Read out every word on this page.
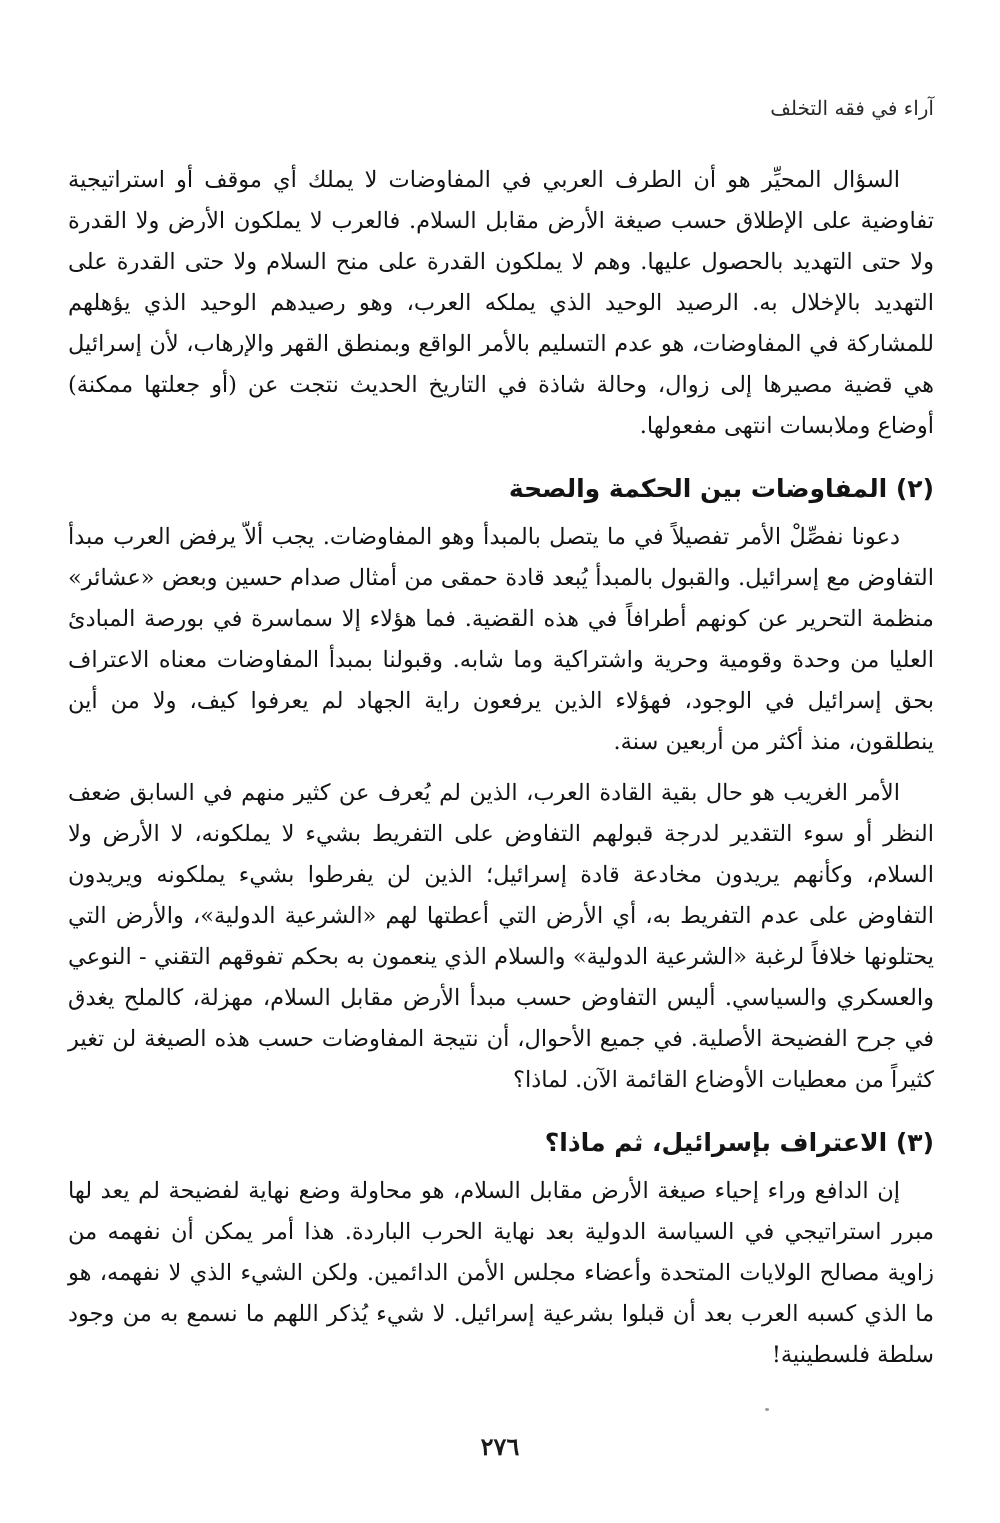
آراء في فقه التخلف

السؤال المحيِّر هو أن الطرف العربي في المفاوضات لا يملك أي موقف أو استراتيجية تفاوضية على الإطلاق حسب صيغة الأرض مقابل السلام. فالعرب لا يملكون الأرض ولا القدرة ولا حتى التهديد بالحصول عليها. وهم لا يملكون القدرة على منح السلام ولا حتى القدرة على التهديد بالإخلال به. الرصيد الوحيد الذي يملكه العرب، وهو رصيدهم الوحيد الذي يؤهلهم للمشاركة في المفاوضات، هو عدم التسليم بالأمر الواقع وبمنطق القهر والإرهاب، لأن إسرائيل هي قضية مصيرها إلى زوال، وحالة شاذة في التاريخ الحديث نتجت عن (أو جعلتها ممكنة) أوضاع وملابسات انتهى مفعولها.

(٢) المفاوضات بين الحكمة والصحة

دعونا نفصِّلْ الأمر تفصيلاً في ما يتصل بالمبدأ وهو المفاوضات. يجب ألاّ يرفض العرب مبدأ التفاوض مع إسرائيل. والقبول بالمبدأ يُبعد قادة حمقى من أمثال صدام حسين وبعض «عشائر» منظمة التحرير عن كونهم أطرافاً في هذه القضية. فما هؤلاء إلا سماسرة في بورصة المبادئ العليا من وحدة وقومية وحرية واشتراكية وما شابه. وقبولنا بمبدأ المفاوضات معناه الاعتراف بحق إسرائيل في الوجود، فهؤلاء الذين يرفعون راية الجهاد لم يعرفوا كيف، ولا من أين ينطلقون، منذ أكثر من أربعين سنة.

الأمر الغريب هو حال بقية القادة العرب، الذين لم يُعرف عن كثير منهم في السابق ضعف النظر أو سوء التقدير لدرجة قبولهم التفاوض على التفريط بشيء لا يملكونه، لا الأرض ولا السلام، وكأنهم يريدون مخادعة قادة إسرائيل؛ الذين لن يفرطوا بشيء يملكونه ويريدون التفاوض على عدم التفريط به، أي الأرض التي أعطتها لهم «الشرعية الدولية»، والأرض التي يحتلونها خلافاً لرغبة «الشرعية الدولية» والسلام الذي ينعمون به بحكم تفوقهم التقني - النوعي والعسكري والسياسي. أليس التفاوض حسب مبدأ الأرض مقابل السلام، مهزلة، كالملح يغدق في جرح الفضيحة الأصلية. في جميع الأحوال، أن نتيجة المفاوضات حسب هذه الصيغة لن تغير كثيراً من معطيات الأوضاع القائمة الآن. لماذا؟

(٣) الاعتراف بإسرائيل، ثم ماذا؟

إن الدافع وراء إحياء صيغة الأرض مقابل السلام، هو محاولة وضع نهاية لفضيحة لم يعد لها مبرر استراتيجي في السياسة الدولية بعد نهاية الحرب الباردة. هذا أمر يمكن أن نفهمه من زاوية مصالح الولايات المتحدة وأعضاء مجلس الأمن الدائمين. ولكن الشيء الذي لا نفهمه، هو ما الذي كسبه العرب بعد أن قبلوا بشرعية إسرائيل. لا شيء يُذكر اللهم ما نسمع به من وجود سلطة فلسطينية!

٢٧٦
